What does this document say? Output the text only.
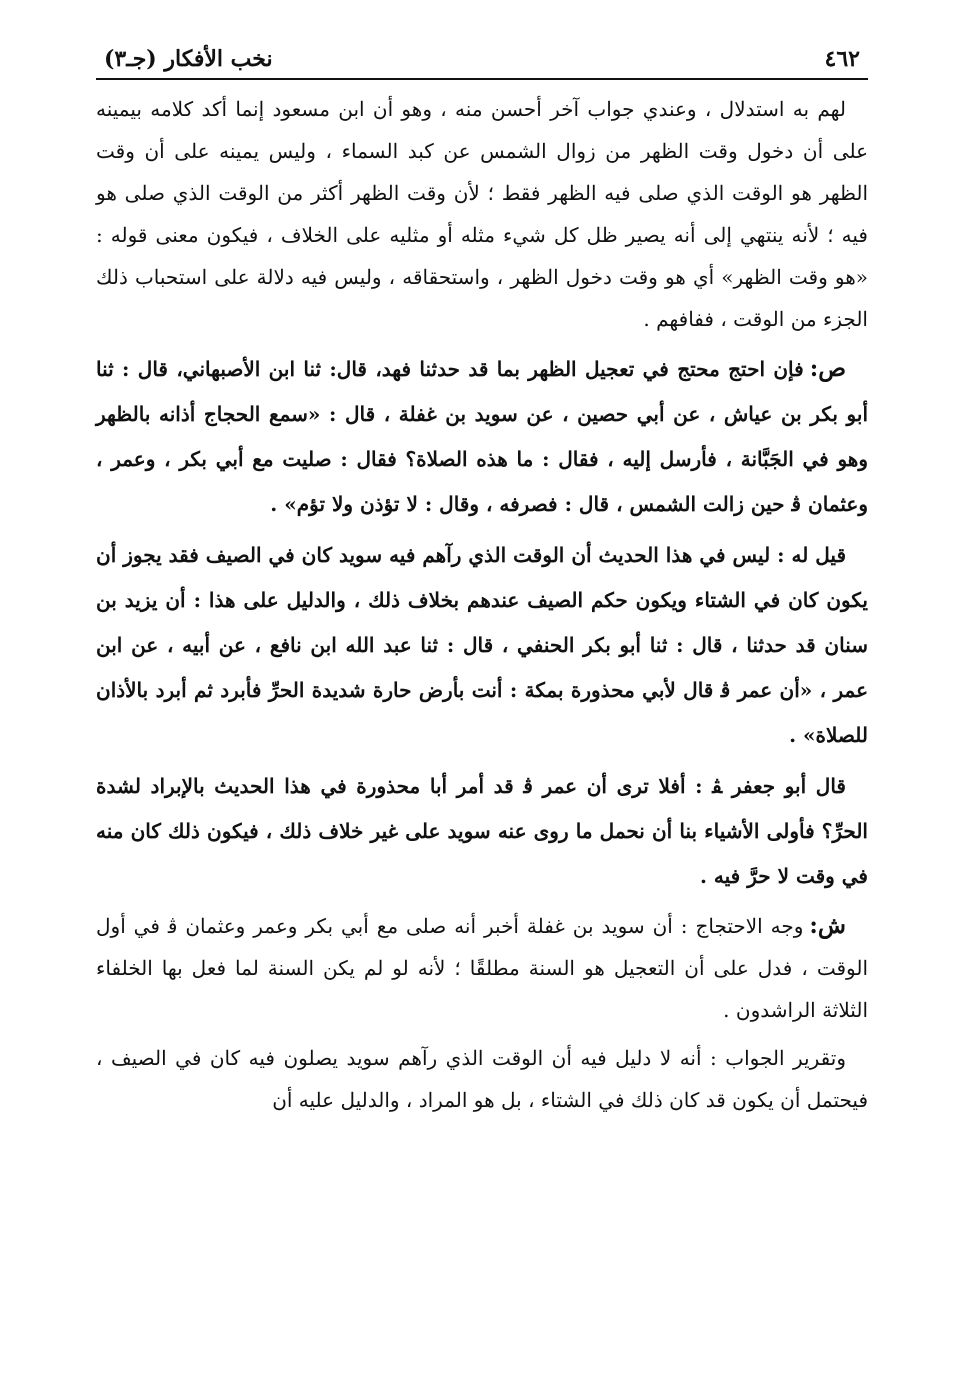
٤٦٢
نخب الأفكار (جـ٣)

لهم به استدلال ، وعندي جواب آخر أحسن منه ، وهو أن ابن مسعود إنما أكد كلامه بيمينه على أن دخول وقت الظهر من زوال الشمس عن كبد السماء ، وليس يمينه على أن وقت الظهر هو الوقت الذي صلى فيه الظهر فقط ؛ لأن وقت الظهر أكثر من الوقت الذي صلى هو فيه ؛ لأنه ينتهي إلى أنه يصير ظل كل شيء مثله أو مثليه على الخلاف ، فيكون معنى قوله : «هو وقت الظهر» أي هو وقت دخول الظهر ، واستحقاقه ، وليس فيه دلالة على استحباب ذلك الجزء من الوقت ، ففافهم .

ص:فإن احتج محتج في تعجيل الظهر بما قد حدثنا فهد، قال: ثنا ابن الأصبهاني، قال : ثنا أبو بكر بن عياش ، عن أبي حصين ، عن سويد بن غفلة ، قال : «سمع الحجاج أذانه بالظهر وهو في الجَبَّانة ، فأرسل إليه ، فقال : ما هذه الصلاة؟ فقال : صليت مع أبي بكر ، وعمر ، وعثمان ﭬ حين زالت الشمس ، قال : فصرفه ، وقال : لا تؤذن ولا تؤم» .

قيل له : ليس في هذا الحديث أن الوقت الذي رآهم فيه سويد كان في الصيف فقد يجوز أن يكون كان في الشتاء ويكون حكم الصيف عندهم بخلاف ذلك ، والدليل على هذا : أن يزيد بن سنان قد حدثنا ، قال : ثنا أبو بكر الحنفي ، قال : ثنا عبد الله ابن نافع ، عن أبيه ، عن ابن عمر ، «أن عمر ﭬ قال لأبي محذورة بمكة : أنت بأرض حارة شديدة الحرِّ فأبرد ثم أبرد بالأذان للصلاة» .

قال أبو جعفر ﭭ : أفلا ترى أن عمر ﭬ قد أمر أبا محذورة في هذا الحديث بالإبراد لشدة الحرِّ؟ فأولى الأشياء بنا أن نحمل ما روى عنه سويد على غير خلاف ذلك ، فيكون ذلك كان منه في وقت لا حرَّ فيه .

ش:وجه الاحتجاج : أن سويد بن غفلة أخبر أنه صلى مع أبي بكر وعمر وعثمان ﭬ في أول الوقت ، فدل على أن التعجيل هو السنة مطلقًا ؛ لأنه لو لم يكن السنة لما فعل بها الخلفاء الثلاثة الراشدون .

وتقرير الجواب : أنه لا دليل فيه أن الوقت الذي رآهم سويد يصلون فيه كان في الصيف ، فيحتمل أن يكون قد كان ذلك في الشتاء ، بل هو المراد ، والدليل عليه أن
